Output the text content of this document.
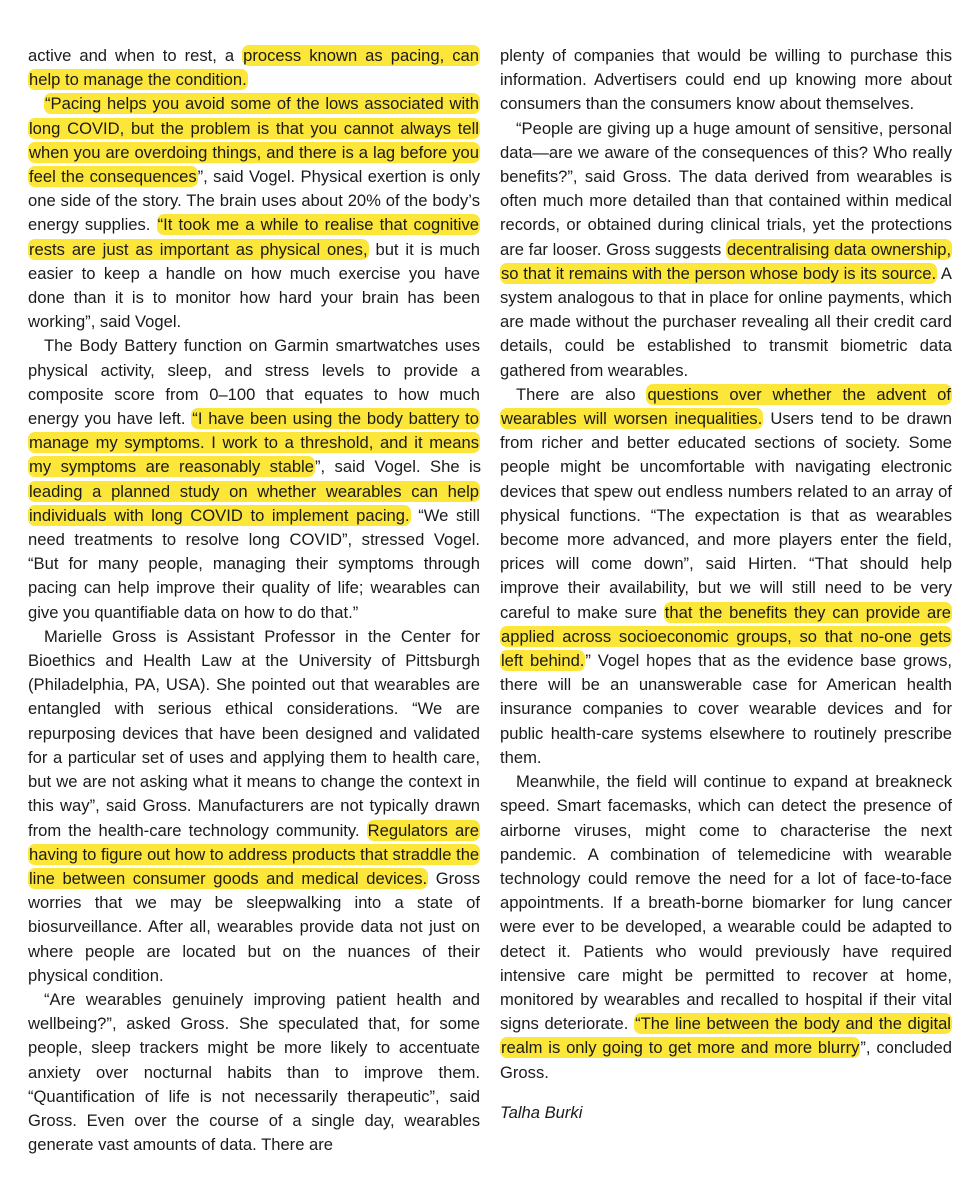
active and when to rest, a process known as pacing, can help to manage the condition.

“Pacing helps you avoid some of the lows associated with long COVID, but the problem is that you cannot always tell when you are overdoing things, and there is a lag before you feel the consequences”, said Vogel. Physical exertion is only one side of the story. The brain uses about 20% of the body’s energy supplies. “It took me a while to realise that cognitive rests are just as important as physical ones, but it is much easier to keep a handle on how much exercise you have done than it is to monitor how hard your brain has been working”, said Vogel.

The Body Battery function on Garmin smartwatches uses physical activity, sleep, and stress levels to provide a composite score from 0–100 that equates to how much energy you have left. “I have been using the body battery to manage my symptoms. I work to a threshold, and it means my symptoms are reasonably stable”, said Vogel. She is leading a planned study on whether wearables can help individuals with long COVID to implement pacing. “We still need treatments to resolve long COVID”, stressed Vogel. “But for many people, managing their symptoms through pacing can help improve their quality of life; wearables can give you quantifiable data on how to do that.”

Marielle Gross is Assistant Professor in the Center for Bioethics and Health Law at the University of Pittsburgh (Philadelphia, PA, USA). She pointed out that wearables are entangled with serious ethical considerations. “We are repurposing devices that have been designed and validated for a particular set of uses and applying them to health care, but we are not asking what it means to change the context in this way”, said Gross. Manufacturers are not typically drawn from the health-care technology community. Regulators are having to figure out how to address products that straddle the line between consumer goods and medical devices. Gross worries that we may be sleepwalking into a state of biosurveillance. After all, wearables provide data not just on where people are located but on the nuances of their physical condition.

“Are wearables genuinely improving patient health and wellbeing?”, asked Gross. She speculated that, for some people, sleep trackers might be more likely to accentuate anxiety over nocturnal habits than to improve them. “Quantification of life is not necessarily therapeutic”, said Gross. Even over the course of a single day, wearables generate vast amounts of data. There are

plenty of companies that would be willing to purchase this information. Advertisers could end up knowing more about consumers than the consumers know about themselves.

“People are giving up a huge amount of sensitive, personal data—are we aware of the consequences of this? Who really benefits?”, said Gross. The data derived from wearables is often much more detailed than that contained within medical records, or obtained during clinical trials, yet the protections are far looser. Gross suggests decentralising data ownership, so that it remains with the person whose body is its source. A system analogous to that in place for online payments, which are made without the purchaser revealing all their credit card details, could be established to transmit biometric data gathered from wearables.

There are also questions over whether the advent of wearables will worsen inequalities. Users tend to be drawn from richer and better educated sections of society. Some people might be uncomfortable with navigating electronic devices that spew out endless numbers related to an array of physical functions. “The expectation is that as wearables become more advanced, and more players enter the field, prices will come down”, said Hirten. “That should help improve their availability, but we will still need to be very careful to make sure that the benefits they can provide are applied across socioeconomic groups, so that no-one gets left behind.” Vogel hopes that as the evidence base grows, there will be an unanswerable case for American health insurance companies to cover wearable devices and for public health-care systems elsewhere to routinely prescribe them.

Meanwhile, the field will continue to expand at breakneck speed. Smart facemasks, which can detect the presence of airborne viruses, might come to characterise the next pandemic. A combination of telemedicine with wearable technology could remove the need for a lot of face-to-face appointments. If a breath-borne biomarker for lung cancer were ever to be developed, a wearable could be adapted to detect it. Patients who would previously have required intensive care might be permitted to recover at home, monitored by wearables and recalled to hospital if their vital signs deteriorate. “The line between the body and the digital realm is only going to get more and more blurry”, concluded Gross.

Talha Burki
